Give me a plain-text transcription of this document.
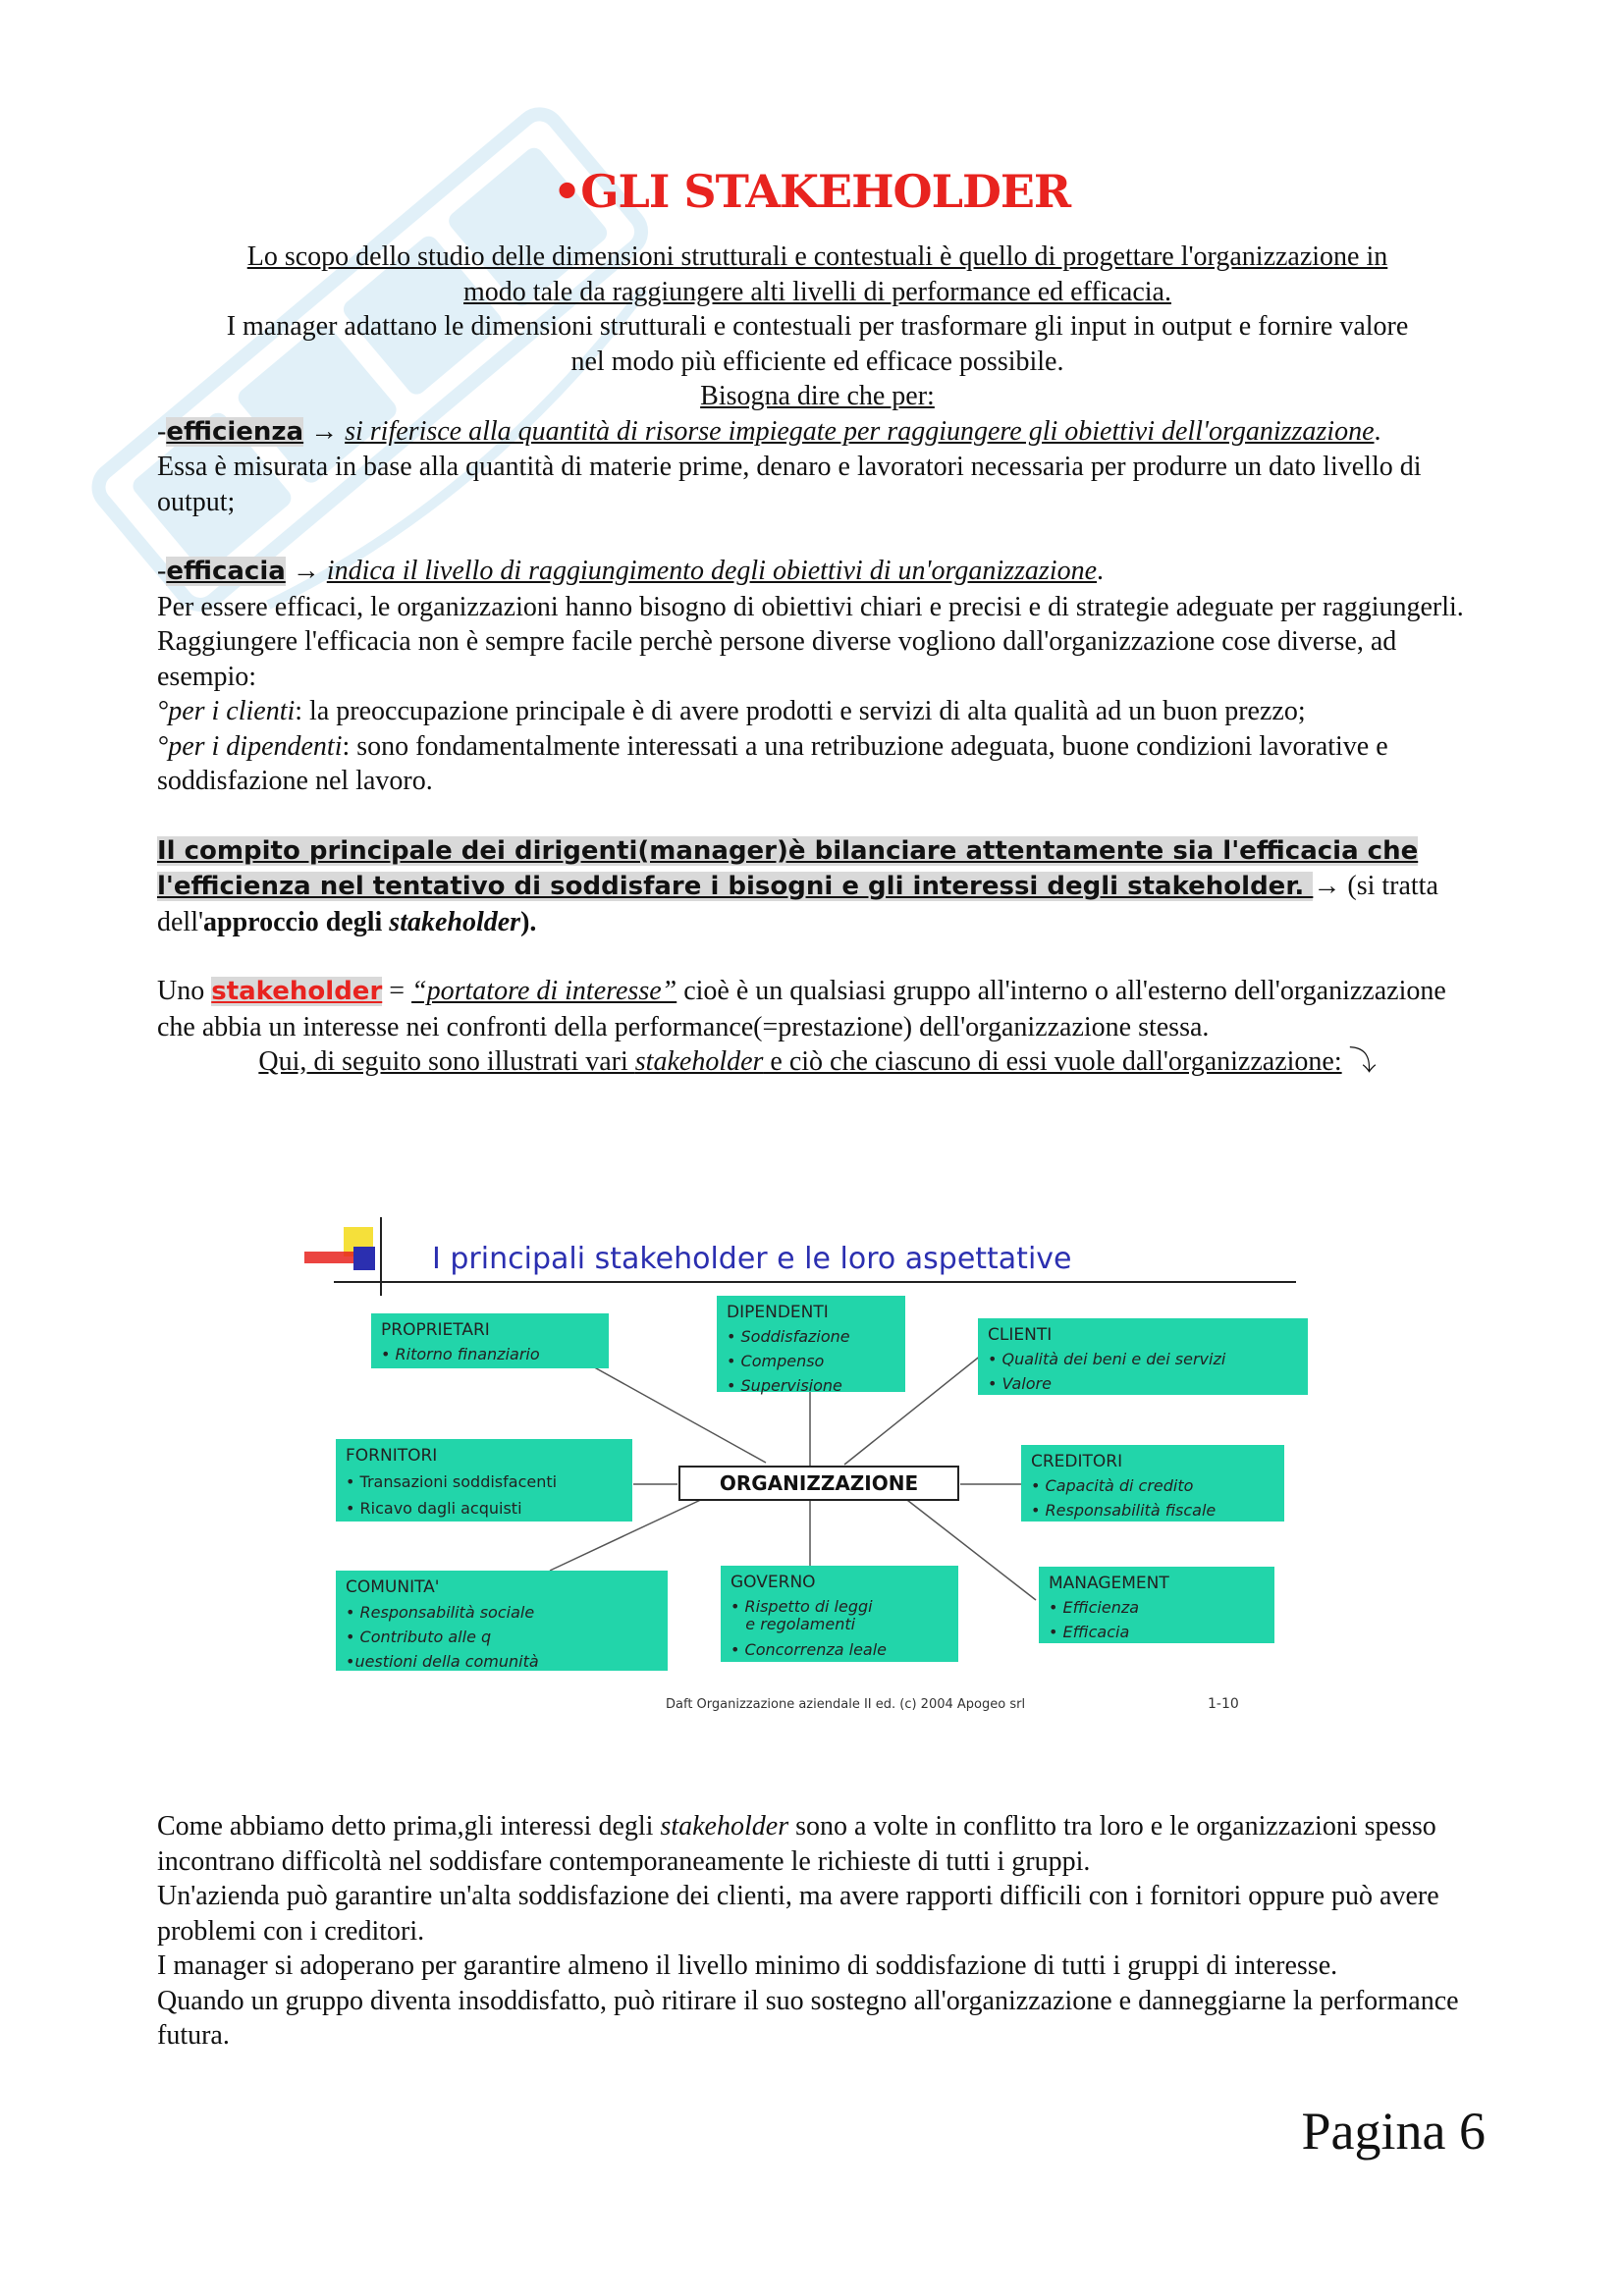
•GLI STAKEHOLDER

Lo scopo dello studio delle dimensioni strutturali e contestuali è quello di progettare l'organizzazione in

modo tale da raggiungere alti livelli di performance ed efficacia.

I manager adattano le dimensioni strutturali e contestuali per trasformare gli input in output e fornire valore

nel modo più efficiente ed efficace possibile.

Bisogna dire che per:

-efficienza → si riferisce alla quantità di risorse impiegate per raggiungere gli obiettivi dell'organizzazione.

Essa è misurata in base alla quantità di materie prime, denaro e lavoratori necessaria per produrre un dato livello di output;

-efficacia → indica il livello di raggiungimento degli obiettivi di un'organizzazione.

Per essere efficaci, le organizzazioni hanno bisogno di obiettivi chiari e precisi e di strategie adeguate per raggiungerli.

Raggiungere l'efficacia non è sempre facile perchè persone diverse vogliono dall'organizzazione cose diverse, ad esempio:

°per i clienti: la preoccupazione principale è di avere prodotti e servizi di alta qualità ad un buon prezzo;

°per i dipendenti: sono fondamentalmente interessati a una retribuzione adeguata, buone condizioni lavorative e soddisfazione nel lavoro.

Il compito principale dei dirigenti(manager)è bilanciare attentamente sia l'efficacia che l'efficienza nel tentativo di soddisfare i bisogni e gli interessi degli stakeholder. → (si tratta dell'approccio degli stakeholder).

Uno stakeholder = “portatore di interesse” cioè è un qualsiasi gruppo all'interno o all'esterno dell'organizzazione che abbia un interesse nei confronti della performance(=prestazione) dell'organizzazione stessa.

Qui, di seguito sono illustrati vari stakeholder e ciò che ciascuno di essi vuole dall'organizzazione: ⤵

I principali stakeholder e le loro aspettative
ORGANIZZAZIONE
PROPRIETARI
• Ritorno finanziario
DIPENDENTI
• Soddisfazione
• Compenso
• Supervisione
CLIENTI
• Qualità dei beni e dei servizi
• Valore
FORNITORI
• Transazioni soddisfacenti
• Ricavo dagli acquisti
CREDITORI
• Capacità di credito
• Responsabilità fiscale
COMUNITA'
• Responsabilità sociale
• Contributo alle q
•uestioni della comunità
GOVERNO
• Rispetto di leggi
e regolamenti
• Concorrenza leale
MANAGEMENT
• Efficienza
• Efficacia
Daft Organizzazione aziendale II ed. (c) 2004 Apogeo srl	1-10

Come abbiamo detto prima,gli interessi degli stakeholder sono a volte in conflitto tra loro e le organizzazioni spesso incontrano difficoltà nel soddisfare contemporaneamente le richieste di tutti i gruppi.

Un'azienda può garantire un'alta soddisfazione dei clienti, ma avere rapporti difficili con i fornitori oppure può avere problemi con i creditori.

I manager si adoperano per garantire almeno il livello minimo di soddisfazione di tutti i gruppi di interesse.

Quando un gruppo diventa insoddisfatto, può ritirare il suo sostegno all'organizzazione e danneggiarne la performance futura.

Pagina 6
